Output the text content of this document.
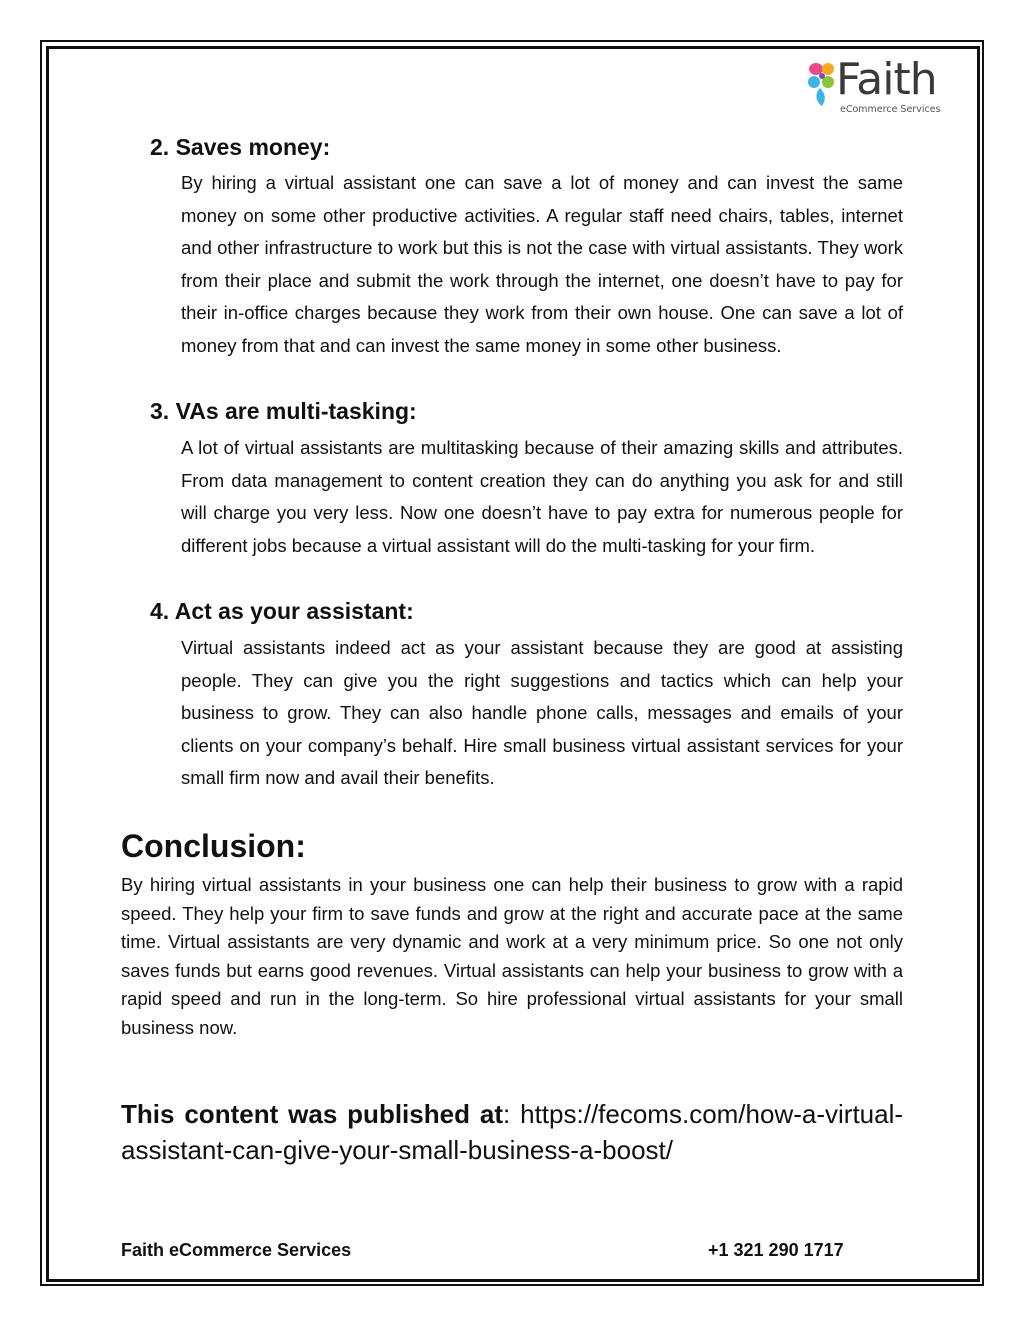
Faith
eCommerce Services
2. Saves money:
By hiring a virtual assistant one can save a lot of money and can invest the same money on some other productive activities. A regular staff need chairs, tables, internet and other infrastructure to work but this is not the case with virtual assistants. They work from their place and submit the work through the internet, one doesn’t have to pay for their in-office charges because they work from their own house. One can save a lot of money from that and can invest the same money in some other business.
3. VAs are multi-tasking:
A lot of virtual assistants are multitasking because of their amazing skills and attributes. From data management to content creation they can do anything you ask for and still will charge you very less. Now one doesn’t have to pay extra for numerous people for different jobs because a virtual assistant will do the multi-tasking for your firm.
4. Act as your assistant:
Virtual assistants indeed act as your assistant because they are good at assisting people. They can give you the right suggestions and tactics which can help your business to grow. They can also handle phone calls, messages and emails of your clients on your company’s behalf. Hire small business virtual assistant services for your small firm now and avail their benefits.
Conclusion:
By hiring virtual assistants in your business one can help their business to grow with a rapid speed. They help your firm to save funds and grow at the right and accurate pace at the same time. Virtual assistants are very dynamic and work at a very minimum price. So one not only saves funds but earns good revenues. Virtual assistants can help your business to grow with a rapid speed and run in the long-term. So hire professional virtual assistants for your small business now.
This content was published at: https://fecoms.com/how-a-virtual-assistant-can-give-your-small-business-a-boost/
Faith eCommerce Services	+1 321 290 1717
